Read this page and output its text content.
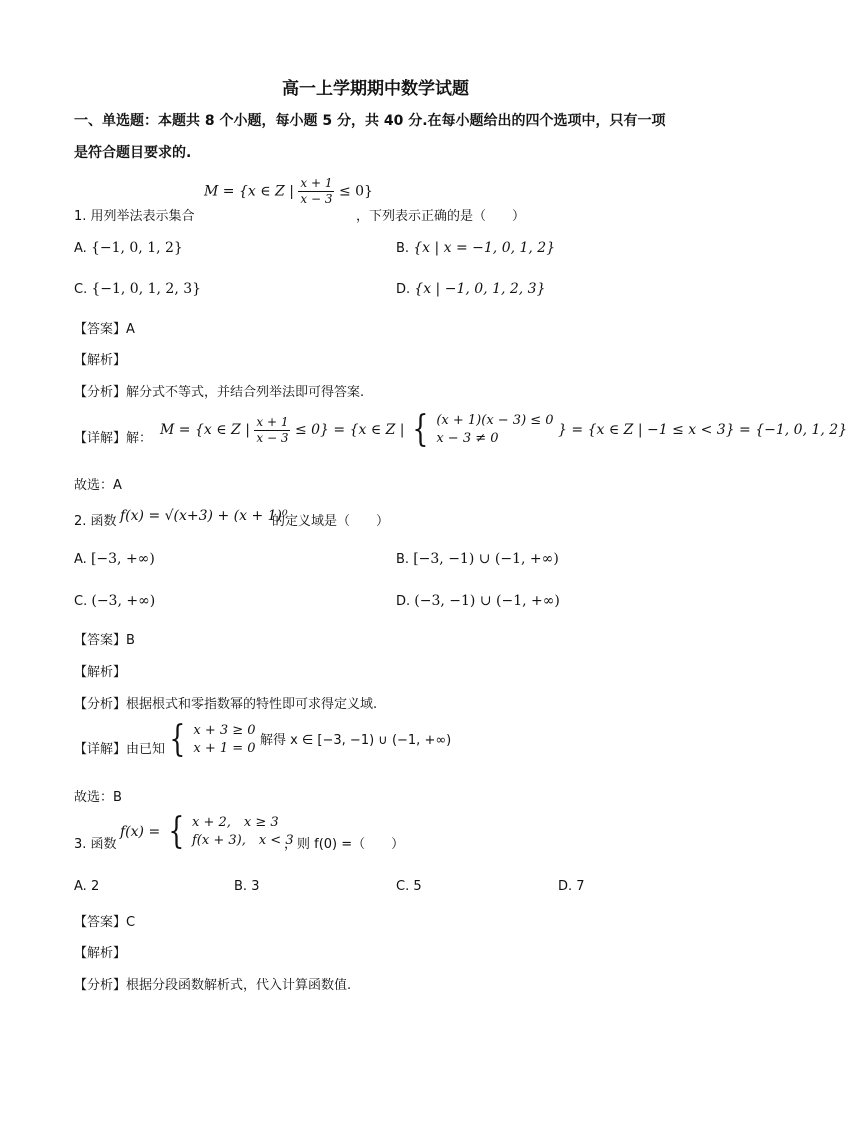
高一上学期期中数学试题
一、单选题：本题共 8 个小题，每小题 5 分，共 40 分.在每小题给出的四个选项中，只有一项
是符合题目要求的.
1. 用列举法表示集合
M = {x ∈ Z | $\frac{x + 1}{x - 3} \le 0$}
，下列表示正确的是（　　）
A. {−1, 0, 1, 2}	B. {x | x = −1, 0, 1, 2}
C. {−1, 0, 1, 2, 3}	D. {x | −1, 0, 1, 2, 3}
【答案】A
【解析】
【分析】解分式不等式，并结合列举法即可得答案.
【详解】解：
M = {x ∈ Z | $\frac{x + 1}{x - 3} \le 0\} = \{x$ ∈ Z | { (x + 1)(x − 3) ≤ 0
x − 3 ≠ 0
} = {x ∈ Z | −1 ≤ x < 3} = {−1, 0, 1, 2}
故选：A
2. 函数 f(x) = √(x+3) + (x + 1)⁰
的定义域是（　　）
A. [−3, +∞)	B. [−3, −1) ∪ (−1, +∞)
C. (−3, +∞)	D. (−3, −1) ∪ (−1, +∞)
【答案】B
【解析】
【分析】根据根式和零指数幂的特性即可求得定义域.
【详解】由已知 { x + 3 ≥ 0
x + 1 = 0
解得 x ∈ [−3, −1) ∪ (−1, +∞)
故选：B
3. 函数
f(x) = { x + 2,　x ≥ 3
f(x + 3),　x < 3
，则 f(0) =（　　）
A. 2	B. 3	C. 5	D. 7
【答案】C
【解析】
【分析】根据分段函数解析式，代入计算函数值.
